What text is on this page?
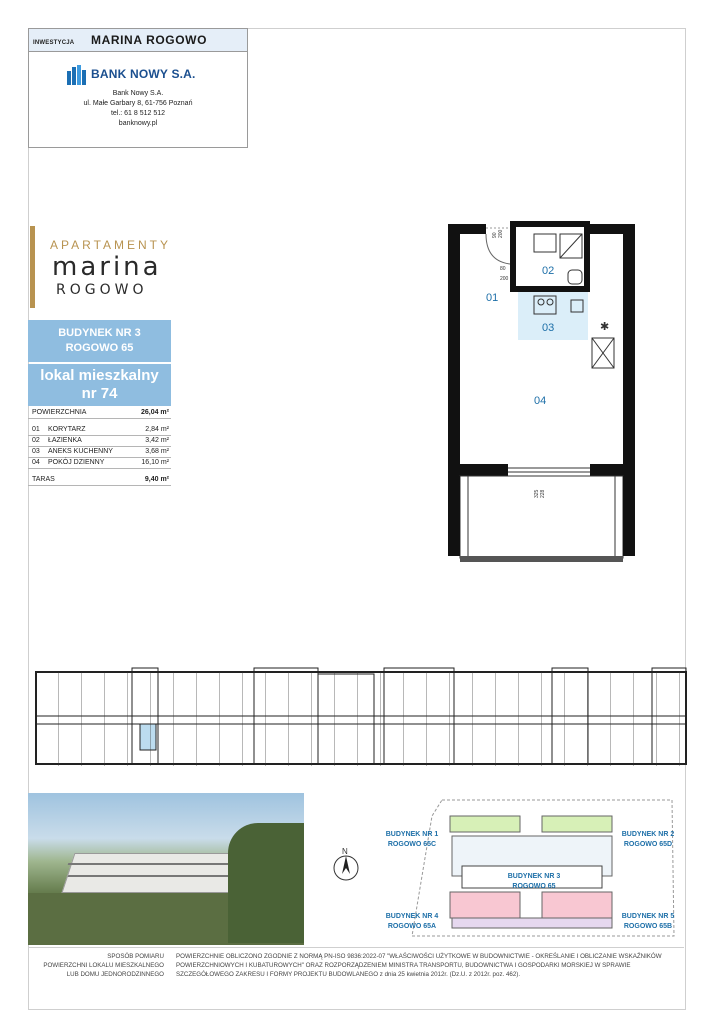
INWESTYCJA MARINA ROGOWO
BANK NOWY S.A.
Bank Nowy S.A.
ul. Małe Garbary 8, 61-756 Poznań
tel.: 61 8 512 512
banknowy.pl
APARTAMENTY
marina
ROGOWO
BUDYNEK NR 3
ROGOWO 65
lokal mieszkalny
nr 74
POWIERZCHNIA	26,04 m²
01 KORYTARZ	2,84 m²
02 ŁAZIENKA	3,42 m²
03 ANEKS KUCHENNY	3,68 m²
04 POKÓJ DZIENNY	16,10 m²
TARAS	9,40 m²
✱
01
02
03
04
90 200
80
200
325 228
N
BUDYNEK NR 1
ROGOWO 65C
BUDYNEK NR 2
ROGOWO 65D
BUDYNEK NR 3
ROGOWO 65
BUDYNEK NR 4
ROGOWO 65A
BUDYNEK NR 5
ROGOWO 65B
SPOSÓB POMIARU
POWIERZCHNI LOKALU MIESZKALNEGO
LUB DOMU JEDNORODZINNEGO
POWIERZCHNIE OBLICZONO ZGODNIE Z NORMĄ PN-ISO 9836:2022-07 "WŁAŚCIWOŚCI UŻYTKOWE W BUDOWNICTWIE - OKREŚLANIE I OBLICZANIE WSKAŹNIKÓW POWIERZCHNIOWYCH I KUBATUROWYCH" ORAZ ROZPORZĄDZENIEM MINISTRA TRANSPORTU, BUDOWNICTWA I GOSPODARKI MORSKIEJ W SPRAWIE SZCZEGÓŁOWEGO ZAKRESU I FORMY PROJEKTU BUDOWLANEGO z dnia 25 kwietnia 2012r. (Dz.U. z 2012r. poz. 462).
